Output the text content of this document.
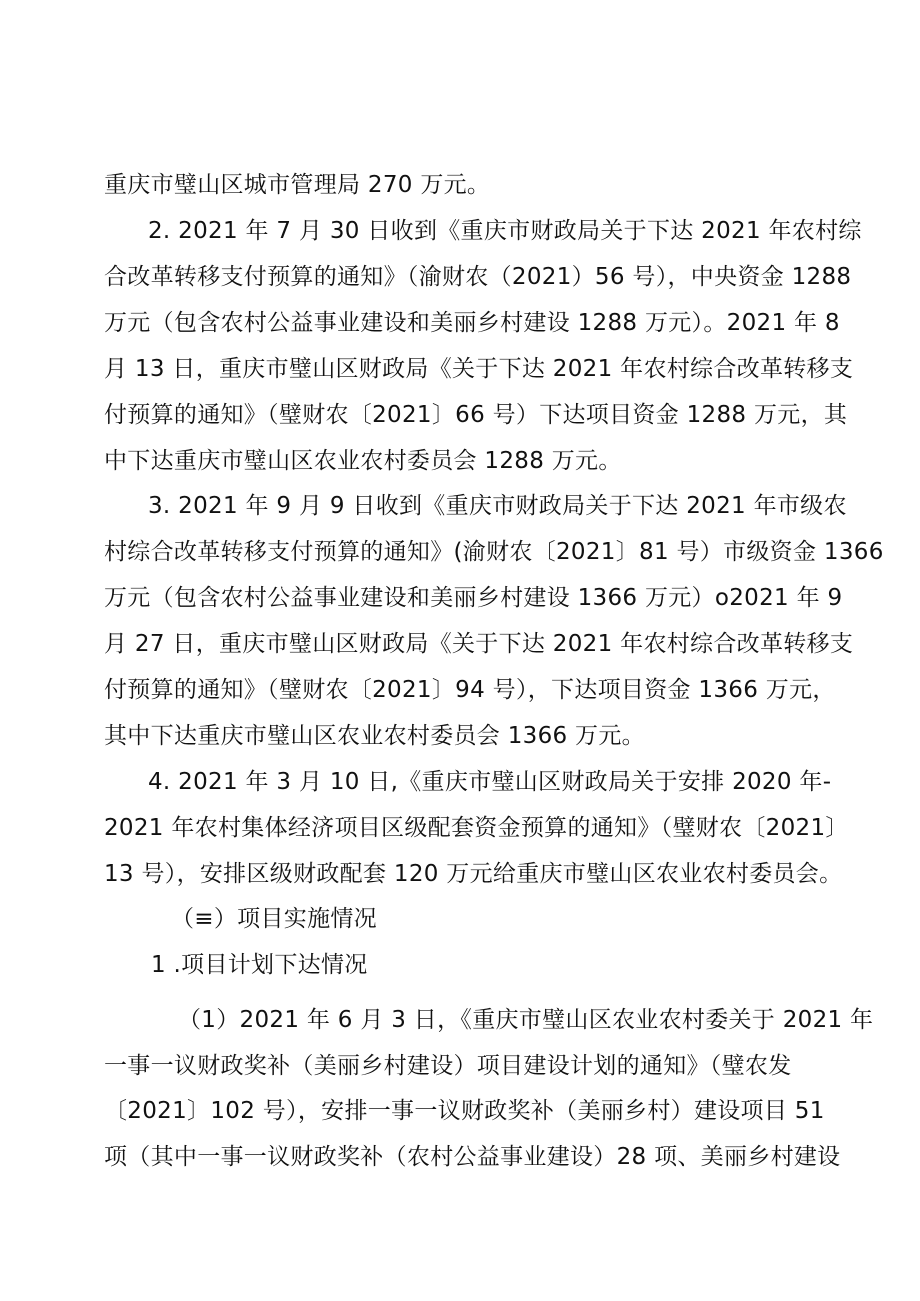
重庆市璧山区城市管理局 270 万元。
2. 2021 年 7 月 30 日收到《重庆市财政局关于下达 2021 年农村综
合改革转移支付预算的通知》（渝财农（2021）56 号），中央资金 1288
万元（包含农村公益事业建设和美丽乡村建设 1288 万元）。2021 年 8
月 13 日，重庆市璧山区财政局《关于下达 2021 年农村综合改革转移支
付预算的通知》（璧财农〔2021〕66 号）下达项目资金 1288 万元，其
中下达重庆市璧山区农业农村委员会 1288 万元。
3. 2021 年 9 月 9 日收到《重庆市财政局关于下达 2021 年市级农
村综合改革转移支付预算的通知》(渝财农〔2021〕81 号）市级资金 1366
万元（包含农村公益事业建设和美丽乡村建设 1366 万元）o2021 年 9
月 27 日，重庆市璧山区财政局《关于下达 2021 年农村综合改革转移支
付预算的通知》（璧财农〔2021〕94 号），下达项目资金 1366 万元，
其中下达重庆市璧山区农业农村委员会 1366 万元。
4. 2021 年 3 月 10 日,《重庆市璧山区财政局关于安排 2020 年-
2021 年农村集体经济项目区级配套资金预算的通知》（璧财农〔2021〕
13 号），安排区级财政配套 120 万元给重庆市璧山区农业农村委员会。
（≡）项目实施情况
1 .项目计划下达情况
（1）2021 年 6 月 3 日，《重庆市璧山区农业农村委关于 2021 年
一事一议财政奖补（美丽乡村建设）项目建设计划的通知》（璧农发
〔2021〕102 号），安排一事一议财政奖补（美丽乡村）建设项目 51
项（其中一事一议财政奖补（农村公益事业建设）28 项、美丽乡村建设
